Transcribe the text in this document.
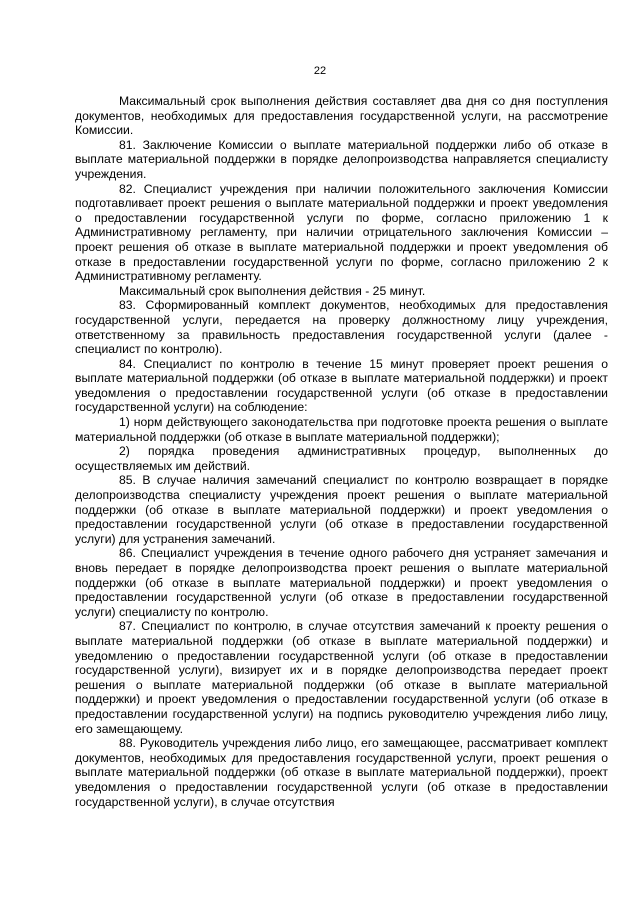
22

Максимальный срок выполнения действия составляет два дня со дня поступления документов, необходимых для предоставления государственной услуги, на рассмотрение Комиссии.

81. Заключение Комиссии о выплате материальной поддержки либо об отказе в выплате материальной поддержки в порядке делопроизводства направляется специалисту учреждения.

82. Специалист учреждения при наличии положительного заключения Комиссии подготавливает проект решения о выплате материальной поддержки и проект уведомления о предоставлении государственной услуги по форме, согласно приложению 1 к Административному регламенту, при наличии отрицательного заключения Комиссии – проект решения об отказе в выплате материальной поддержки и проект уведомления об отказе в предоставлении государственной услуги по форме, согласно приложению 2 к Административному регламенту.

Максимальный срок выполнения действия - 25 минут.

83. Сформированный комплект документов, необходимых для предоставления государственной услуги, передается на проверку должностному лицу учреждения, ответственному за правильность предоставления государственной услуги (далее - специалист по контролю).

84. Специалист по контролю в течение 15 минут проверяет проект решения о выплате материальной поддержки (об отказе в выплате материальной поддержки) и проект уведомления о предоставлении государственной услуги (об отказе в предоставлении государственной услуги) на соблюдение:

1) норм действующего законодательства при подготовке проекта решения о выплате материальной поддержки (об отказе в выплате материальной поддержки);

2) порядка проведения административных процедур, выполненных до осуществляемых им действий.

85. В случае наличия замечаний специалист по контролю возвращает в порядке делопроизводства специалисту учреждения проект решения о выплате материальной поддержки (об отказе в выплате материальной поддержки) и проект уведомления о предоставлении государственной услуги (об отказе в предоставлении государственной услуги) для устранения замечаний.

86. Специалист учреждения в течение одного рабочего дня устраняет замечания и вновь передает в порядке делопроизводства проект решения о выплате материальной поддержки (об отказе в выплате материальной поддержки) и проект уведомления о предоставлении государственной услуги (об отказе в предоставлении государственной услуги) специалисту по контролю.

87. Специалист по контролю, в случае отсутствия замечаний к проекту решения о выплате материальной поддержки (об отказе в выплате материальной поддержки) и уведомлению о предоставлении государственной услуги (об отказе в предоставлении государственной услуги), визирует их и в порядке делопроизводства передает проект решения о выплате материальной поддержки (об отказе в выплате материальной поддержки) и проект уведомления о предоставлении государственной услуги (об отказе в предоставлении государственной услуги) на подпись руководителю учреждения либо лицу, его замещающему.

88. Руководитель учреждения либо лицо, его замещающее, рассматривает комплект документов, необходимых для предоставления государственной услуги, проект решения о выплате материальной поддержки (об отказе в выплате материальной поддержки), проект уведомления о предоставлении государственной услуги (об отказе в предоставлении государственной услуги), в случае отсутствия
